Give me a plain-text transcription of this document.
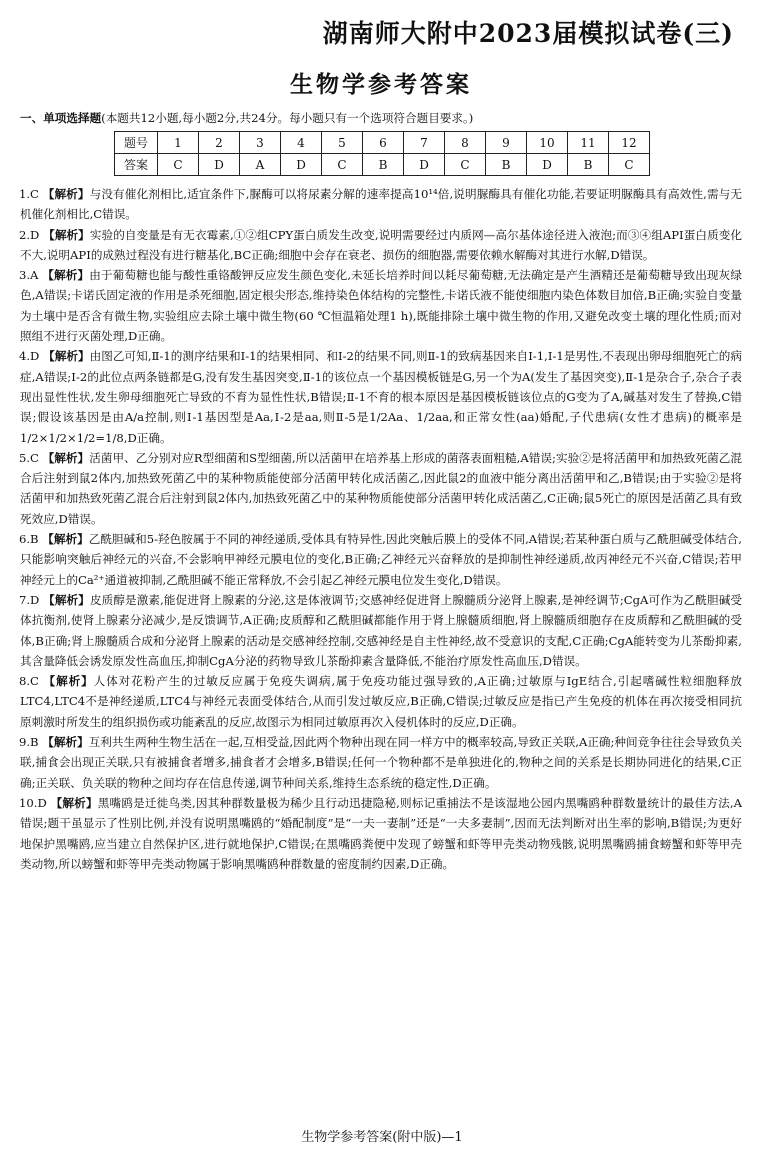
湖南师大附中2023届模拟试卷(三)
生物学参考答案
一、单项选择题(本题共12小题,每小题2分,共24分。每小题只有一个选项符合题目要求。)
题号	1	2	3	4	5	6	7	8	9	10	11	12
答案	C	D	A	D	C	B	D	C	B	D	B	C
1.C 【解析】与没有催化剂相比,适宜条件下,脲酶可以将尿素分解的速率提高10¹⁴倍,说明脲酶具有催化功能,若要证明脲酶具有高效性,需与无机催化剂相比,C错误。
2.D 【解析】实验的自变量是有无衣霉素,①②组CPY蛋白质发生改变,说明需要经过内质网—高尔基体途径进入液泡;而③④组API蛋白质变化不大,说明API的成熟过程没有进行糖基化,BC正确;细胞中会存在衰老、损伤的细胞器,需要依赖水解酶对其进行水解,D错误。
3.A 【解析】由于葡萄糖也能与酸性重铬酸钾反应发生颜色变化,未延长培养时间以耗尽葡萄糖,无法确定是产生酒精还是葡萄糖导致出现灰绿色,A错误;卡诺氏固定液的作用是杀死细胞,固定根尖形态,维持染色体结构的完整性,卡诺氏液不能使细胞内染色体数目加倍,B正确;实验自变量为土壤中是否含有微生物,实验组应去除土壤中微生物(60 ℃恒温箱处理1 h),既能排除土壤中微生物的作用,又避免改变土壤的理化性质;而对照组不进行灭菌处理,D正确。
4.D 【解析】由图乙可知,Ⅱ-1的测序结果和Ⅰ-1的结果相同、和Ⅰ-2的结果不同,则Ⅱ-1的致病基因来自Ⅰ-1,Ⅰ-1是男性,不表现出卵母细胞死亡的病症,A错误;Ⅰ-2的此位点两条链都是G,没有发生基因突变,Ⅱ-1的该位点一个基因模板链是G,另一个为A(发生了基因突变),Ⅱ-1是杂合子,杂合子表现出显性性状,发生卵母细胞死亡导致的不育为显性性状,B错误;Ⅱ-1不育的根本原因是基因模板链该位点的G变为了A,碱基对发生了替换,C错误;假设该基因是由A/a控制,则Ⅰ-1基因型是Aa,Ⅰ-2是aa,则Ⅱ-5是1/2Aa、1/2aa,和正常女性(aa)婚配,子代患病(女性才患病)的概率是1/2×1/2×1/2=1/8,D正确。
5.C 【解析】活菌甲、乙分别对应R型细菌和S型细菌,所以活菌甲在培养基上形成的菌落表面粗糙,A错误;实验②是将活菌甲和加热致死菌乙混合后注射到鼠2体内,加热致死菌乙中的某种物质能使部分活菌甲转化成活菌乙,因此鼠2的血液中能分离出活菌甲和乙,B错误;由于实验②是将活菌甲和加热致死菌乙混合后注射到鼠2体内,加热致死菌乙中的某种物质能使部分活菌甲转化成活菌乙,C正确;鼠5死亡的原因是活菌乙具有致死效应,D错误。
6.B 【解析】乙酰胆碱和5-羟色胺属于不同的神经递质,受体具有特异性,因此突触后膜上的受体不同,A错误;若某种蛋白质与乙酰胆碱受体结合,只能影响突触后神经元的兴奋,不会影响甲神经元膜电位的变化,B正确;乙神经元兴奋释放的是抑制性神经递质,故丙神经元不兴奋,C错误;若甲神经元上的Ca²⁺通道被抑制,乙酰胆碱不能正常释放,不会引起乙神经元膜电位发生变化,D错误。
7.D 【解析】皮质醇是激素,能促进肾上腺素的分泌,这是体液调节;交感神经促进肾上腺髓质分泌肾上腺素,是神经调节;CgA可作为乙酰胆碱受体抗衡剂,使肾上腺素分泌减少,是反馈调节,A正确;皮质醇和乙酰胆碱都能作用于肾上腺髓质细胞,肾上腺髓质细胞存在皮质醇和乙酰胆碱的受体,B正确;肾上腺髓质合成和分泌肾上腺素的活动是交感神经控制,交感神经是自主性神经,故不受意识的支配,C正确;CgA能转变为儿茶酚抑素,其含量降低会诱发原发性高血压,抑制CgA分泌的药物导致儿茶酚抑素含量降低,不能治疗原发性高血压,D错误。
8.C 【解析】人体对花粉产生的过敏反应属于免疫失调病,属于免疫功能过强导致的,A正确;过敏原与IgE结合,引起嗜碱性粒细胞释放LTC4,LTC4不是神经递质,LTC4与神经元表面受体结合,从而引发过敏反应,B正确,C错误;过敏反应是指已产生免疫的机体在再次接受相同抗原刺激时所发生的组织损伤或功能紊乱的反应,故图示为相同过敏原再次入侵机体时的反应,D正确。
9.B 【解析】互利共生两种生物生活在一起,互相受益,因此两个物种出现在同一样方中的概率较高,导致正关联,A正确;种间竞争往往会导致负关联,捕食会出现正关联,只有被捕食者增多,捕食者才会增多,B错误;任何一个物种都不是单独进化的,物种之间的关系是长期协同进化的结果,C正确;正关联、负关联的物种之间均存在信息传递,调节种间关系,维持生态系统的稳定性,D正确。
10.D 【解析】黑嘴鸥是迁徙鸟类,因其种群数量极为稀少且行动迅捷隐秘,则标记重捕法不是该湿地公园内黑嘴鸥种群数量统计的最佳方法,A错误;题干虽显示了性别比例,并没有说明黑嘴鸥的“婚配制度”是“一夫一妻制”还是“一夫多妻制”,因而无法判断对出生率的影响,B错误;为更好地保护黑嘴鸥,应当建立自然保护区,进行就地保护,C错误;在黑嘴鸥粪便中发现了螃蟹和虾等甲壳类动物残骸,说明黑嘴鸥捕食螃蟹和虾等甲壳类动物,所以螃蟹和虾等甲壳类动物属于影响黑嘴鸥种群数量的密度制约因素,D正确。
生物学参考答案(附中版)—1
